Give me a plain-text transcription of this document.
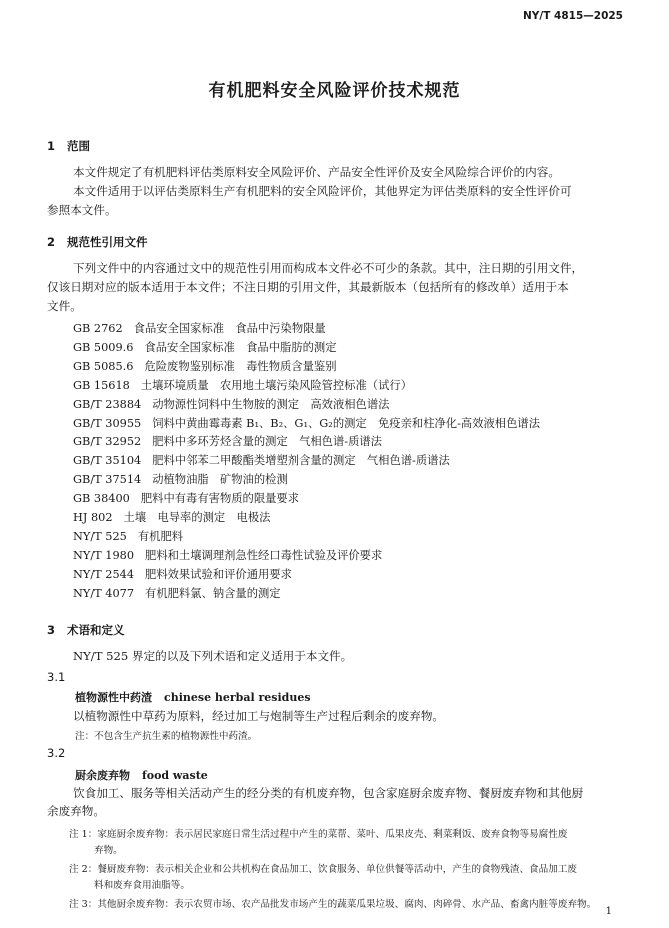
NY/T 4815—2025
有机肥料安全风险评价技术规范
1 范围
本文件规定了有机肥料评估类原料安全风险评价、产品安全性评价及安全风险综合评价的内容。
本文件适用于以评估类原料生产有机肥料的安全风险评价，其他界定为评估类原料的安全性评价可
参照本文件。
2 规范性引用文件
下列文件中的内容通过文中的规范性引用而构成本文件必不可少的条款。其中，注日期的引用文件，
仅该日期对应的版本适用于本文件；不注日期的引用文件，其最新版本（包括所有的修改单）适用于本
文件。
GB 2762 食品安全国家标准　食品中污染物限量
GB 5009.6 食品安全国家标准　食品中脂肪的测定
GB 5085.6 危险废物鉴别标准　毒性物质含量鉴别
GB 15618 土壤环境质量　农用地土壤污染风险管控标准（试行）
GB/T 23884 动物源性饲料中生物胺的测定　高效液相色谱法
GB/T 30955 饲料中黄曲霉毒素 B₁、B₂、G₁、G₂的测定　免疫亲和柱净化-高效液相色谱法
GB/T 32952 肥料中多环芳烃含量的测定　气相色谱-质谱法
GB/T 35104 肥料中邻苯二甲酸酯类增塑剂含量的测定　气相色谱-质谱法
GB/T 37514 动植物油脂　矿物油的检测
GB 38400 肥料中有毒有害物质的限量要求
HJ 802 土壤　电导率的测定　电极法
NY/T 525 有机肥料
NY/T 1980 肥料和土壤调理剂急性经口毒性试验及评价要求
NY/T 2544 肥料效果试验和评价通用要求
NY/T 4077 有机肥料氯、钠含量的测定
3 术语和定义
NY/T 525 界定的以及下列术语和定义适用于本文件。
3.1
植物源性中药渣 chinese herbal residues
以植物源性中草药为原料，经过加工与炮制等生产过程后剩余的废弃物。
注：不包含生产抗生素的植物源性中药渣。
3.2
厨余废弃物 food waste
饮食加工、服务等相关活动产生的经分类的有机废弃物，包含家庭厨余废弃物、餐厨废弃物和其他厨
余废弃物。
注 1：家庭厨余废弃物：表示居民家庭日常生活过程中产生的菜帮、菜叶、瓜果皮壳、剩菜剩饭、废弃食物等易腐性废
弃物。
注 2：餐厨废弃物：表示相关企业和公共机构在食品加工、饮食服务、单位供餐等活动中，产生的食物残渣、食品加工废
料和废弃食用油脂等。
注 3：其他厨余废弃物：表示农贸市场、农产品批发市场产生的蔬菜瓜果垃圾、腐肉、肉碎骨、水产品、畜禽内脏等废弃物。
1
